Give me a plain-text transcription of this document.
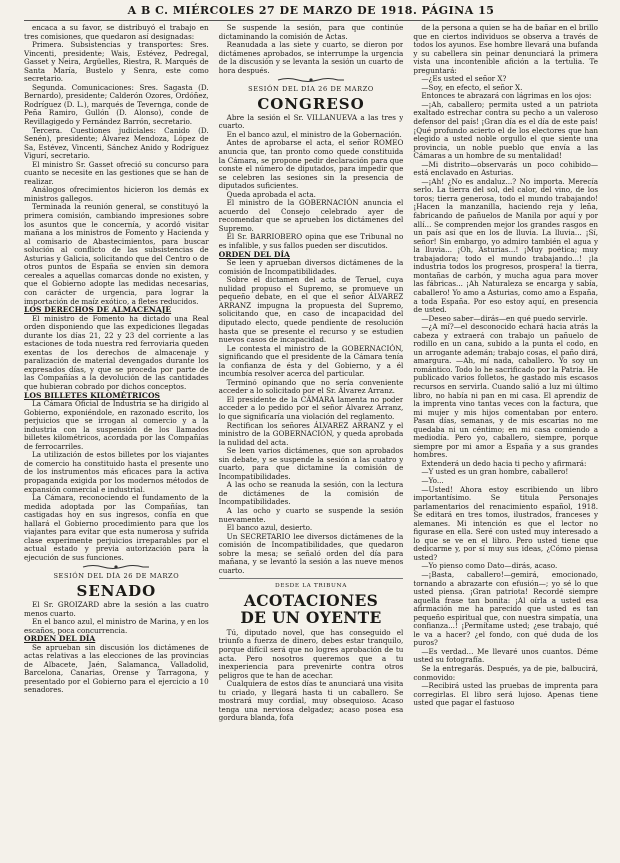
A B C. MIÉRCOLES 27 DE MARZO DE 1918. PÁGINA 15

encaca a su favor, se distribuyó el trabajo en tres comisiones, que quedaron así designadas:

Primera. Subsistencias y transportes: Sres. Vincenti, presidente; Wais, Estévez, Pedregal, Gasset y Neira, Argüelles, Riestra, R. Marqués de Santa María, Bustelo y Senra, este como secretario.

Segunda. Comunicaciones: Sres. Sagasta (D. Bernardo), presidente; Calderón Ozores, Ordóñez, Rodríguez (D. L.), marqués de Tevernga, conde de Peña Ramiro, Gullón (D. Alonso), conde de Revillagigedo y Fernández Barrón, secretario.

Tercera. Cuestiones judiciales: Canido (D. Senén), presidente; Álvarez Mendoza, López de Sa, Estévez, Vincenti, Sánchez Anido y Rodríguez Vigurí, secretario.

El ministro Sr. Gasset ofreció su concurso para cuanto se necesite en las gestiones que se han de realizar.

Análogos ofrecimientos hicieron los demás ex ministros gallegos.

Terminada la reunión general, se constituyó la primera comisión, cambiando impresiones sobre los asuntos que le concernía, y acordó visitar mañana a los ministros de Fomento y Hacienda y al comisario de Abastecimientos, para buscar solución al conflicto de las subsistencias de Asturias y Galicia, solicitando que del Centro o de otros puntos de España se envíen sin demora cereales a aquellas comarcas donde no existen, y que el Gobierno adopte las medidas necesarias, con carácter de urgencia, para lograr la importación de maíz exótico, a fletes reducidos.

LOS DERECHOS DE ALMACENAJE

El ministro de Fomento ha dictado una Real orden disponiendo que las expediciones llegadas durante los días 21, 22 y 23 del corriente a las estaciones de toda nuestra red ferroviaria queden exentas de los derechos de almacenaje y paralización de material devengados durante los expresados días, y que se proceda por parte de las Compañías a la devolución de las cantidades que hubieran cobrado por dichos conceptos.

LOS BILLETES KILOMÉTRICOS

La Cámara Oficial de Industria se ha dirigido al Gobierno, exponiéndole, en razonado escrito, los perjuicios que se irrogan al comercio y a la industria con la suspensión de los llamados billetes kilométricos, acordada por las Compañías de ferrocarriles.

La utilización de estos billetes por los viajantes de comercio ha constituido hasta el presente uno de los instrumentos más eficaces para la activa propaganda exigida por los modernos métodos de expansión comercial e industrial.

La Cámara, reconociendo el fundamento de la medida adoptada por las Compañías, tan castigadas hoy en sus ingresos, confía en que hallará el Gobierno procedimiento para que los viajantes para evitar que esta numerosa y sufrida clase experimente perjuicios irreparables por el actual estado y previa autorización para la ejecución de sus funciones.

SESIÓN DEL DÍA 26 DE MARZO

SENADO

El Sr. GROIZARD abre la sesión a las cuatro menos cuarto.

En el banco azul, el ministro de Marina, y en los escaños, poca concurrencia.

ORDEN DEL DÍA

Se aprueban sin discusión los dictámenes de actas relativas a las elecciones de las provincias de Albacete, Jaén, Salamanca, Valladolid, Barcelona, Canarias, Orense y Tarragona, y presentado por el Gobierno para el ejercicio a 10 senadores.

Se suspende la sesión, para que continúe dictaminando la comisión de Actas.

Reanudada a las siete y cuarto, se dieron por dictámenes aprobados, se interrumpe la urgencia de la discusión y se levanta la sesión un cuarto de hora después.

SESIÓN DEL DÍA 26 DE MARZO

CONGRESO

Abre la sesión el Sr. VILLANUEVA a las tres y cuarto.

En el banco azul, el ministro de la Gobernación.

Antes de aprobarse el acta, el señor ROMEO anuncia que, tan pronto como quede constituida la Cámara, se propone pedir declaración para que conste el número de diputados, para impedir que se celebren las sesiones sin la presencia de diputados suficientes.

Queda aprobada el acta.

El ministro de la GOBERNACIÓN anuncia el acuerdo del Consejo celebrado ayer de recomendar que se aprueben los dictámenes del Supremo.

El Sr. BARRIOBERO opina que ese Tribunal no es infalible, y sus fallos pueden ser discutidos.

ORDEN DEL DÍA

Se leen y aprueban diversos dictámenes de la comisión de Incompatibilidades.

Sobre el dictamen del acta de Teruel, cuya nulidad propuso el Supremo, se promueve un pequeño debate, en el que el señor ÁLVAREZ ARRANZ impugna la propuesta del Supremo, solicitando que, en caso de incapacidad del diputado electo, quede pendiente de resolución hasta que se presente el recurso y se estudien nuevos casos de incapacidad.

Le contesta el ministro de la GOBERNACIÓN, significando que el presidente de la Cámara tenía la confianza de ésta y del Gobierno, y a él incumbía resolver acerca del particular.

Terminó opinando que no sería conveniente acceder a lo solicitado por el Sr. Álvarez Arranz.

El presidente de la CÁMARA lamenta no poder acceder a lo pedido por el señor Álvarez Arranz, lo que significaría una violación del reglamento.

Rectifican los señores ÁLVAREZ ARRANZ y el ministro de la GOBERNACIÓN, y queda aprobada la nulidad del acta.

Se leen varios dictámenes, que son aprobados sin debate, y se suspende la sesión a las cuatro y cuarto, para que dictamine la comisión de Incompatibilidades.

A las ocho se reanuda la sesión, con la lectura de dictámenes de la comisión de Incompatibilidades.

A las ocho y cuarto se suspende la sesión nuevamente.

El banco azul, desierto.

Un SECRETARIO lee diversos dictámenes de la comisión de Incompatibilidades, que quedaron sobre la mesa; se señaló orden del día para mañana, y se levantó la sesión a las nueve menos cuarto.

DESDE LA TRIBUNA

ACOTACIONES
DE UN OYENTE

Tú, diputado novel, que has conseguido el triunfo a fuerza de dinero, debes estar tranquilo, porque difícil será que no logres aprobación de tu acta. Pero nosotros queremos que a tu inexperiencia para prevenirte contra otros peligros que te han de acechar.

Cualquiera de estos días te anunciará una visita tu criado, y llegará hasta ti un caballero. Se mostrará muy cordial, muy obsequioso. Acaso tenga una nerviosa delgadez; acaso posea esa gordura blanda, fofa

de la persona a quien se ha de bañar en el brillo que en ciertos individuos se observa a través de todos los ayunos. Ese hombre llevará una bufanda y su cabellera sin peinar denunciará la primera vista una incontenible afición a la tertulia. Te preguntará:

—¿Es usted el señor X?

—Soy, en efecto, el señor X.

Entonces te abrazará con lágrimas en los ojos:

—¡Ah, caballero; permita usted a un patriota exaltado estrechar contra su pecho a un valeroso defensor del país! ¡Gran día es el día de este país! ¡Qué profundo acierto el de los electores que han elegido a usted noble orgullo el que siente una provincia, un noble pueblo que envía a las Cámaras a un hombre de su mentalidad!

—Mi distrito—observarás un poco cohibido—está enclavado en Asturias.

—¡Ah! ¿No es andaluz...? No importa. Merecía serlo. La tierra del sol, del calor, del vino, de los toros; tierra generosa, todo el mundo trabajando! ¡Hacen la manzanilla, haciendo reja y leña, fabricando de pañuelos de Manila por aquí y por allí... Se comprenden mejor los grandes rasgos en un país así que en los de lluvia. La lluvia... ¡Sí, señor! Sin embargo, yo admiro también el agua y la lluvia... ¡Oh, Asturias...! ¡Muy poética; muy trabajadora; todo el mundo trabajando...! ¡la industria todos los progresos, prospera! la tierra, montañas de carbón, y mucha agua para mover las fábricas... ¡Ah Naturaleza se encarga y sabía, caballero! Yo amo a Asturias, como amo a España, a toda España. Por eso estoy aquí, en presencia de usted.

—Deseo saber—dirás—en qué puedo servirle.

—¿A mí?—el desconocido echará hacia atrás la cabeza y extraerá con trabajo un pañuelo de rodillo en un cana, subido a la punta el codo, en un arrogante ademán; trabajo cosas, el paño dirá, amargura. —Ah, mí nada, caballero. Yo soy un romántico. Todo lo he sacrificado por la Patria. He publicado varios folletos, he gastado mis escasos recursos en servirla. Cuando salió a luz mi último libro, no había ni pan en mi casa. El aprendiz de la imprenta vino tantas veces con la factura, que mi mujer y mis hijos comentaban por entero. Pasan días, semanas, y de mis escarias no me quedaba ni un céntimo; en mi casa comiendo a mediodía. Pero yo, caballero, siempre, porque siempre por mi amor a España y a sus grandes hombres.

Extenderá un dedo hacia ti pecho y afirmará:

—Y usted es un gran hombre, caballero!

—Yo...

—Usted! Ahora estoy escribiendo un libro importantísimo. Se titula Personajes parlamentarios del renacimiento español, 1918. Se editará en tres tomos, ilustrados, franceses y alemanes. Mi intención es que el lector no figurase en ella. Seré con usted muy interesado a lo que se ve en el libro. Pero usted tiene que dedicarme y, por sí muy sus ideas, ¿Cómo piensa usted?

—Yo pienso como Dato—dirás, acaso.

—¡Basta, caballero!—gemirá, emocionado, tornando a abrazarte con efusión—; yo sé lo que usted piensa. ¡Gran patriota! Recordé siempre aquella frase tan bonita: ¡Al oírla a usted esa afirmación me ha parecido que usted es tan pequeño espiritual que, con nuestra simpatía, una confianza...! ¡Permítame usted; ¿ese trabajo, qué le va a hacer? ¿el fondo, con qué duda de los puros?

—Es verdad... Me llevaré unos cuantos. Déme usted su fotografía.

Se la entregarás. Después, ya de pie, balbucirá, conmovido:

—Recibirá usted las pruebas de imprenta para corregirlas. El libro será lujoso. Apenas tiene usted que pagar el fastuoso
